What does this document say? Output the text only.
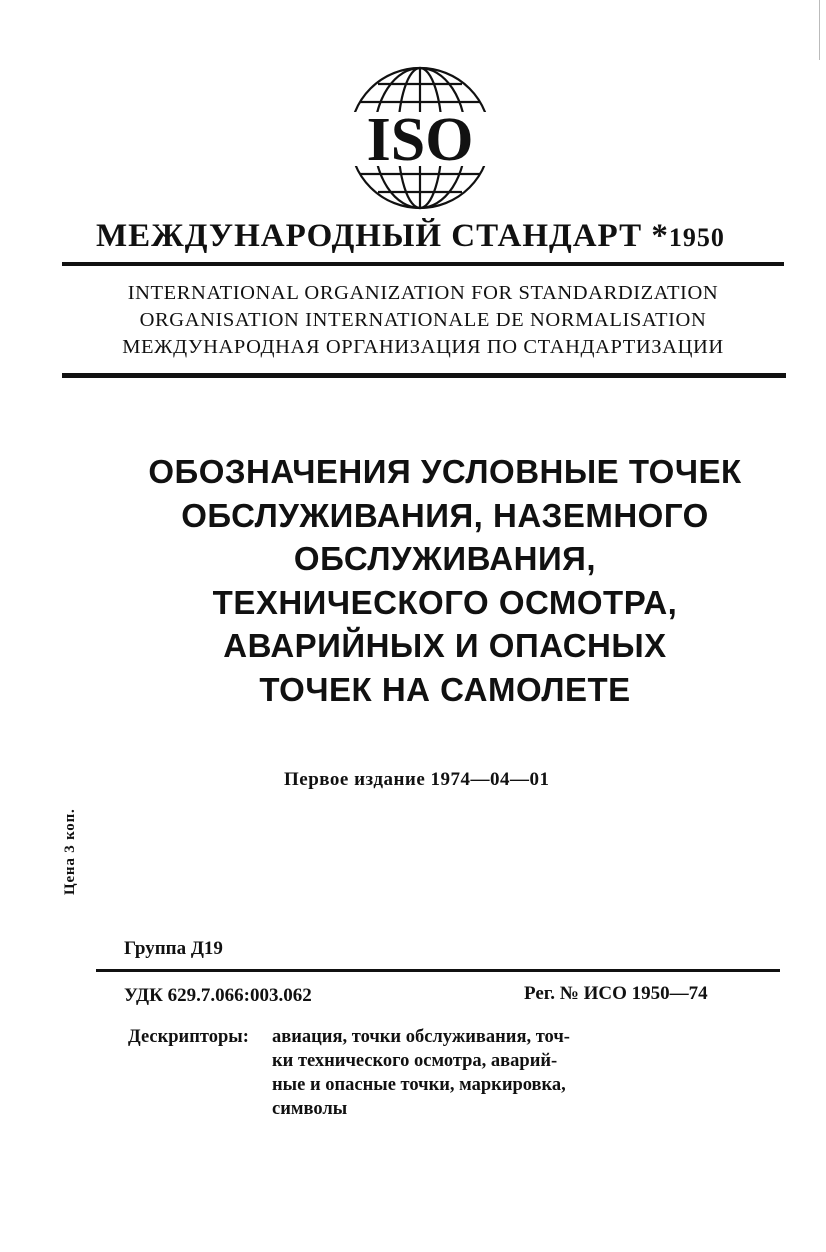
ISO
МЕЖДУНАРОДНЫЙ СТАНДАРТ *1950
INTERNATIONAL ORGANIZATION FOR STANDARDIZATION
ORGANISATION INTERNATIONALE DE NORMALISATION
МЕЖДУНАРОДНАЯ ОРГАНИЗАЦИЯ ПО СТАНДАРТИЗАЦИИ
ОБОЗНАЧЕНИЯ УСЛОВНЫЕ ТОЧЕК
ОБСЛУЖИВАНИЯ, НАЗЕМНОГО
ОБСЛУЖИВАНИЯ,
ТЕХНИЧЕСКОГО ОСМОТРА,
АВАРИЙНЫХ И ОПАСНЫХ
ТОЧЕК НА САМОЛЕТЕ
Первое издание 1974—04—01
Цена 3 коп.
Группа Д19
УДК 629.7.066:003.062	Рег. № ИСО 1950—74
Дескрипторы: авиация, точки обслуживания, точ-
ки технического осмотра, аварий-
ные и опасные точки, маркировка,
символы
